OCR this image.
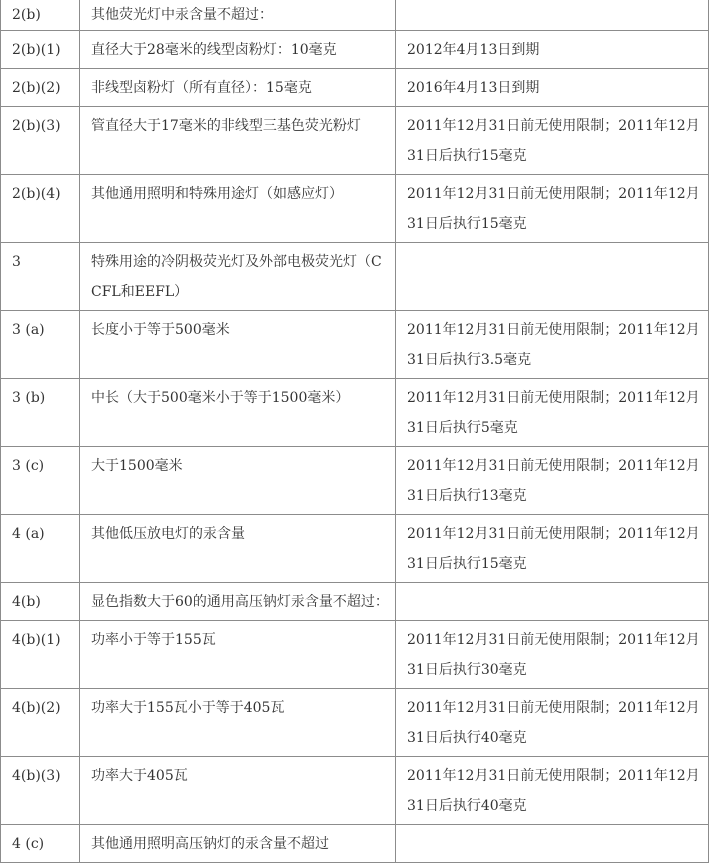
2(b)	其他荧光灯中汞含量不超过：	
2(b)(1)	直径大于28毫米的线型卤粉灯：10毫克	2012年4月13日到期
2(b)(2)	非线型卤粉灯（所有直径）：15毫克	2016年4月13日到期
2(b)(3)	管直径大于17毫米的非线型三基色荧光粉灯	2011年12月31日前无使用限制；2011年12月31日后执行15毫克
2(b)(4)	其他通用照明和特殊用途灯（如感应灯）	2011年12月31日前无使用限制；2011年12月31日后执行15毫克
3	特殊用途的冷阴极荧光灯及外部电极荧光灯（CCFL和EEFL）	
3 (a)	长度小于等于500毫米	2011年12月31日前无使用限制；2011年12月31日后执行3.5毫克
3 (b)	中长（大于500毫米小于等于1500毫米）	2011年12月31日前无使用限制；2011年12月31日后执行5毫克
3 (c)	大于1500毫米	2011年12月31日前无使用限制；2011年12月31日后执行13毫克
4 (a)	其他低压放电灯的汞含量	2011年12月31日前无使用限制；2011年12月31日后执行15毫克
4(b)	显色指数大于60的通用高压钠灯汞含量不超过：	
4(b)(1)	功率小于等于155瓦	2011年12月31日前无使用限制；2011年12月31日后执行30毫克
4(b)(2)	功率大于155瓦小于等于405瓦	2011年12月31日前无使用限制；2011年12月31日后执行40毫克
4(b)(3)	功率大于405瓦	2011年12月31日前无使用限制；2011年12月31日后执行40毫克
4 (c)	其他通用照明高压钠灯的汞含量不超过	
